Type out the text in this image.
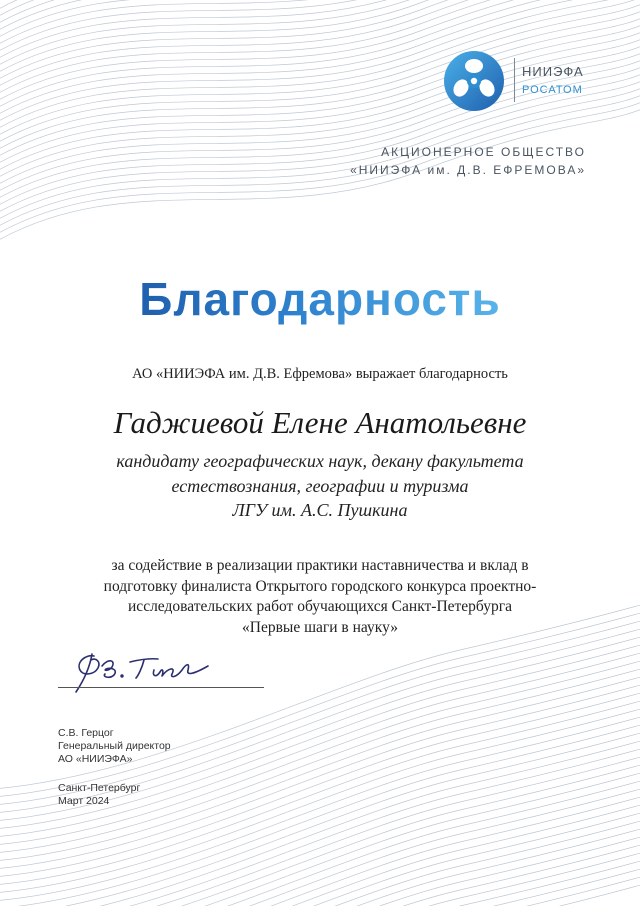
НИИЭФА
РОСАТОМ
АКЦИОНЕРНОЕ ОБЩЕСТВО
«НИИЭФА им. Д.В. ЕФРЕМОВА»
Благодарность
АО «НИИЭФА им. Д.В. Ефремова» выражает благодарность
Гаджиевой Елене Анатольевне
кандидату географических наук, декану факультета
естествознания, географии и туризма
ЛГУ им. А.С. Пушкина
за содействие в реализации практики наставничества и вклад в
подготовку финалиста Открытого городского конкурса проектно-
исследовательских работ обучающихся Санкт-Петербурга
«Первые шаги в науку»
С.В. Герцог
Генеральный директор
АО «НИИЭФА»
Санкт-Петербург
Март 2024
